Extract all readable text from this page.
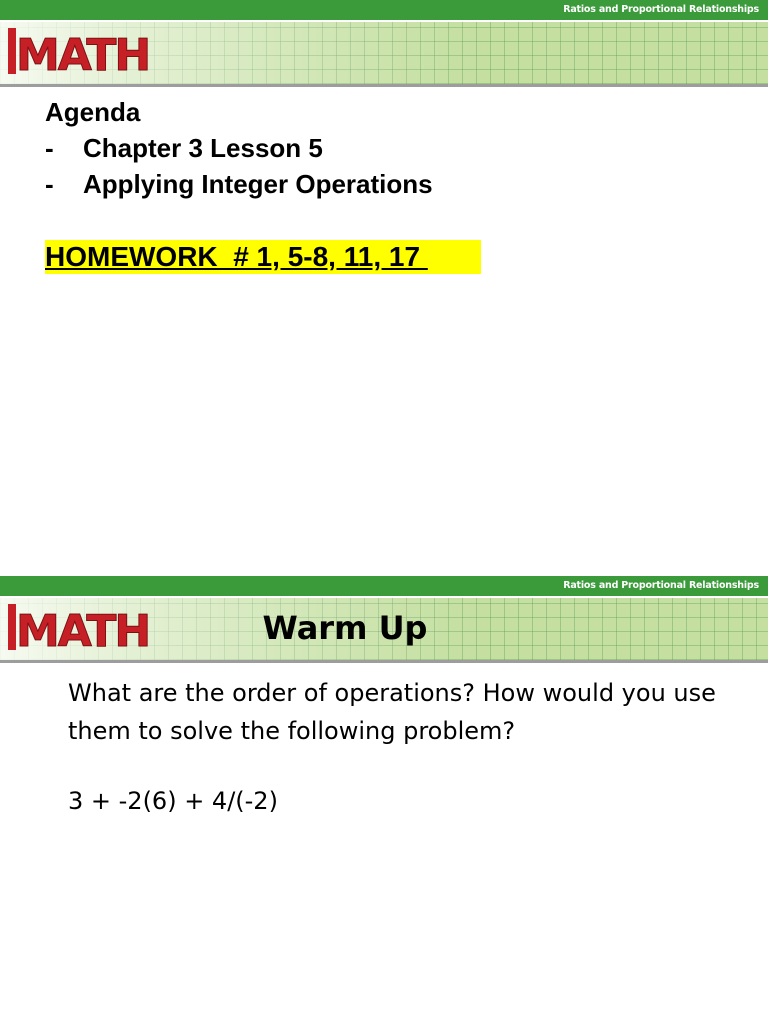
Ratios and Proportional Relationships
MATH
Agenda
-	Chapter 3 Lesson 5
-	Applying Integer Operations
HOMEWORK  # 1, 5-8, 11, 17
Ratios and Proportional Relationships
MATH	Warm Up
What are the order of operations? How would you use them to solve the following problem?
3 + -2(6) + 4/(-2)
